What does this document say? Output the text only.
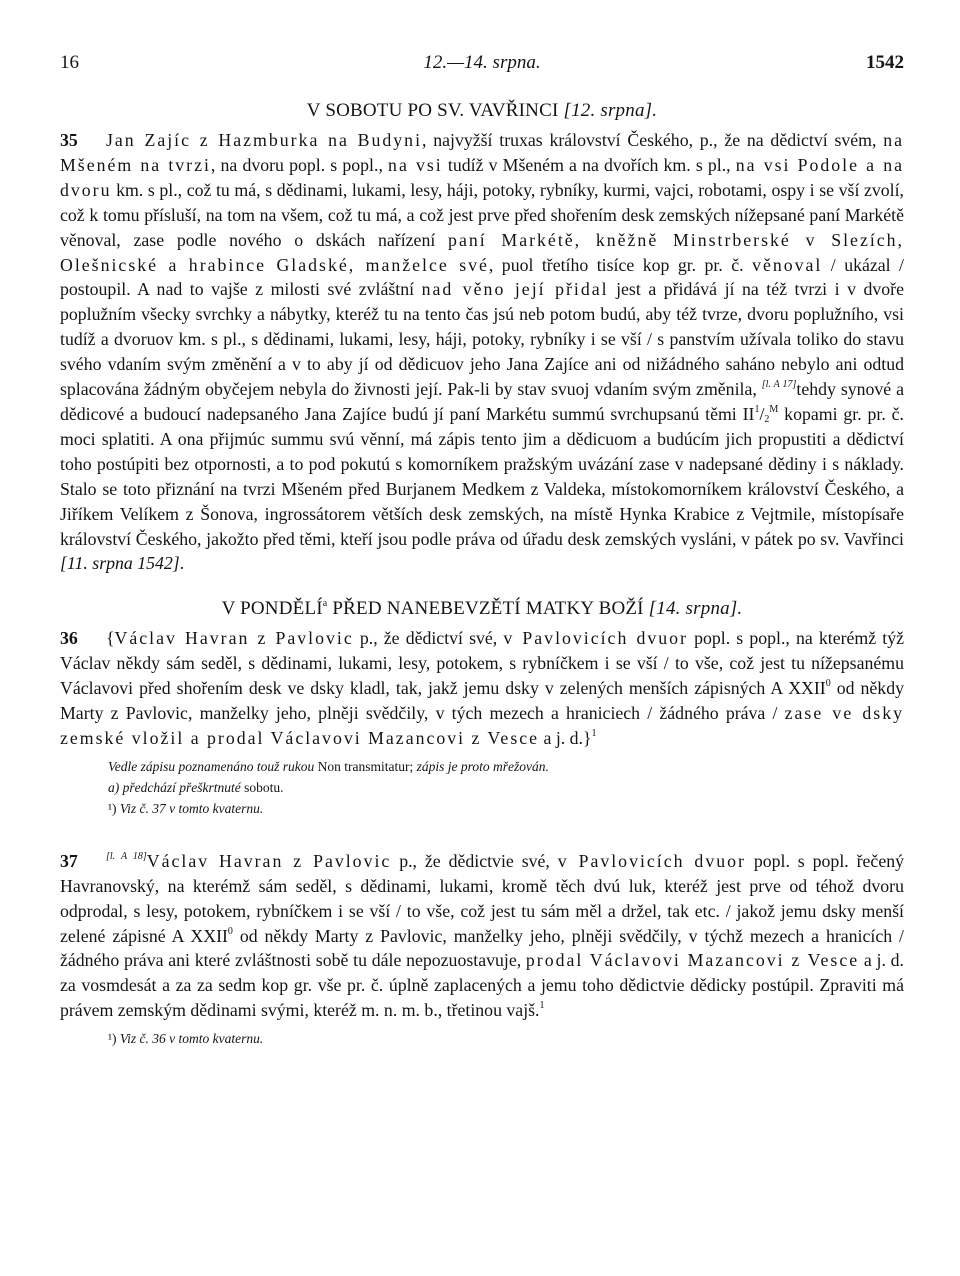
16	12.—14. srpna.	1542
V SOBOTU PO SV. VAVŘINCI [12. srpna].

35 Jan Zajíc z Hazmburka na Budyni, najvyžší truxas království Českého, p., že na dědictví svém, na Mšeném na tvrzi, na dvoru popl. s popl., na vsi tudíž v Mšeném a na dvořích km. s pl., na vsi Podole a na dvoru km. s pl., což tu má, s dědinami, lukami, lesy, háji, potoky, rybníky, kurmi, vajci, robotami, ospy i se vší zvolí, což k tomu přísluší, na tom na všem, což tu má, a což jest prve před shořením desk zemských nížepsané paní Markétě věnoval, zase podle nového o dskách nařízení paní Markétě, kněžně Minstrberské v Slezích, Olešnicské a hrabince Gladské, manželce své, puol třetího tisíce kop gr. pr. č. věnoval / ukázal / postoupil. A nad to vajše z milosti své zvláštní nad věno její přidal jest a přidává jí na též tvrzi i v dvoře poplužním všecky svrchky a nábytky, kteréž tu na tento čas jsú neb potom budú, aby též tvrze, dvoru poplužního, vsi tudíž a dvoruov km. s pl., s dědinami, lukami, lesy, háji, potoky, rybníky i se vší / s panstvím užívala toliko do stavu svého vdaním svým změnění a v to aby jí od dědicuov jeho Jana Zajíce ani od nižádného saháno nebylo ani odtud splacována žádným obyčejem nebyla do živnosti její. Pak-li by stav svuoj vdaním svým změnila, [l. A 17]tehdy synové a dědicové a budoucí nadepsaného Jana Zajíce budú jí paní Markétu summú svrchupsanú těmi $II^1/_2^M$ kopami gr. pr. č. moci splatiti. A ona přijmúc summu svú věnní, má zápis tento jim a dědicuom a budúcím jich propustiti a dědictví toho postúpiti bez otpornosti, a to pod pokutú s komorníkem pražským uvázání zase v nadepsané dědiny i s náklady. Stalo se toto přiznání na tvrzi Mšeném před Burjanem Medkem z Valdeka, místokomorníkem království Českého, a Jiříkem Velíkem z Šonova, ingrossátorem větších desk zemských, na místě Hynka Krabice z Vejtmile, místopísaře království Českého, jakožto před těmi, kteří jsou podle práva od úřadu desk zemských vysláni, v pátek po sv. Vavřinci [11. srpna 1542].

V PONDĚLÍ$^a$ PŘED NANEBEVZĚTÍ MATKY BOŽÍ [14. srpna].

36 {Václav Havran z Pavlovic p., že dědictví své, v Pavlovicích dvuor popl. s popl., na kterémž týž Václav někdy sám seděl, s dědinami, lukami, lesy, potokem, s rybníčkem i se vší / to vše, což jest tu nížepsanému Václavovi před shořením desk ve dsky kladl, tak, jakž jemu dsky v zelených menších zápisných A XXII$^0$ od někdy Marty z Pavlovic, manželky jeho, plněji svědčily, v tých mezech a hraniciech / žádného práva / zase ve dsky zemské vložil a prodal Václavovi Mazancovi z Vesce a j. d.}$^1$

Vedle zápisu poznamenáno touž rukou Non transmitatur; zápis je proto mřežován.

a) předchází přeškrtnuté sobotu.

¹) Viz č. 37 v tomto kvaternu.

37	[l. A 18]Václav Havran z Pavlovic p., že dědictvie své, v Pavlovicích dvuor popl. s popl. řečený Havranovský, na kterémž sám seděl, s dědinami, lukami, kromě těch dvú luk, kteréž jest prve od téhož dvoru odprodal, s lesy, potokem, rybníčkem i se vší / to vše, což jest tu sám měl a držel, tak etc. / jakož jemu dsky menší zelené zápisné A XXII$^0$ od někdy Marty z Pavlovic, manželky jeho, plněji svědčily, v týchž mezech a hranicích / žádného práva ani které zvláštnosti sobě tu dále nepozuostavuje, prodal Václavovi Mazancovi z Vesce a j. d. za vosmdesát a za za sedm kop gr. vše pr. č. úplně zaplacených a jemu toho dědictvie dědicky postúpil. Zpraviti má právem zemským dědinami svými, kteréž m. n. m. b., třetinou vajš.$^1$

¹) Viz č. 36 v tomto kvaternu.
